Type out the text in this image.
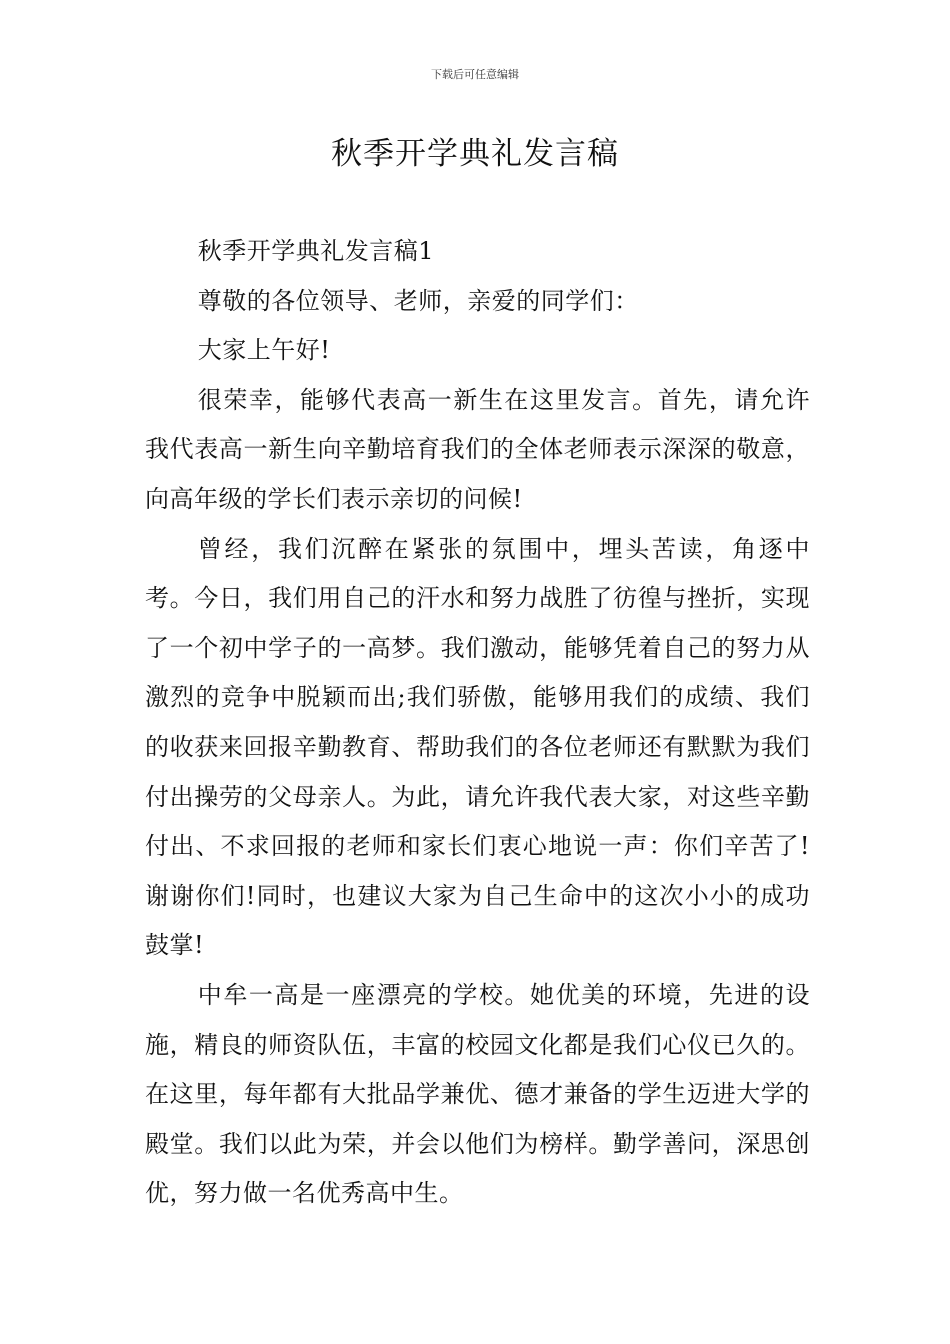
下载后可任意编辑
秋季开学典礼发言稿

秋季开学典礼发言稿1

尊敬的各位领导、老师，亲爱的同学们：

大家上午好!

很荣幸，能够代表高一新生在这里发言。首先，请允许我代表高一新生向辛勤培育我们的全体老师表示深深的敬意，向高年级的学长们表示亲切的问候!

曾经，我们沉醉在紧张的氛围中，埋头苦读，角逐中考。今日，我们用自己的汗水和努力战胜了彷徨与挫折，实现了一个初中学子的一高梦。我们激动，能够凭着自己的努力从激烈的竞争中脱颖而出;我们骄傲，能够用我们的成绩、我们的收获来回报辛勤教育、帮助我们的各位老师还有默默为我们付出操劳的父母亲人。为此，请允许我代表大家，对这些辛勤付出、不求回报的老师和家长们衷心地说一声：你们辛苦了!谢谢你们!同时，也建议大家为自己生命中的这次小小的成功鼓掌!

中牟一高是一座漂亮的学校。她优美的环境，先进的设施，精良的师资队伍，丰富的校园文化都是我们心仪已久的。在这里，每年都有大批品学兼优、德才兼备的学生迈进大学的殿堂。我们以此为荣，并会以他们为榜样。勤学善问，深思创优，努力做一名优秀高中生。
